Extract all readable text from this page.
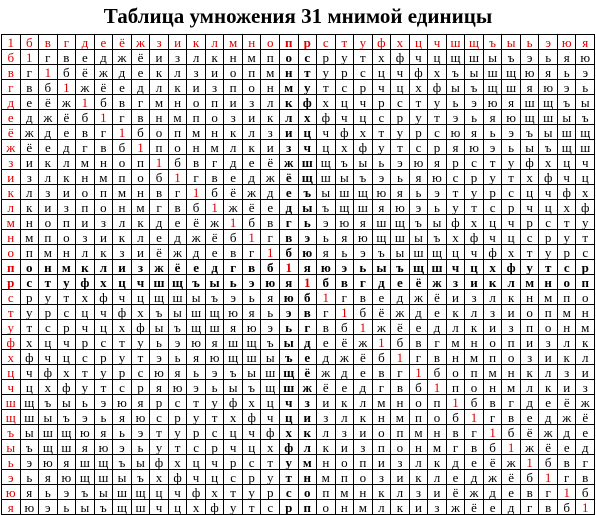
Таблица умножения 31 мнимой единицы
1	б	в	г	д	е	ё	ж	з	и	к	л	м	н	о	п	р	с	т	у	ф	х	ц	ч	ш	щ	ъ	ы	ь	э	ю	я
б	1	г	в	е	д	ж	ё	и	з	л	к	н	м	п	о	с	р	у	т	х	ф	ч	ц	щ	ш	ы	ъ	э	ь	я	ю
в	г	1	б	ё	ж	д	е	к	л	з	и	о	п	м	н	т	у	р	с	ц	ч	ф	х	ъ	ы	ш	щ	ю	я	ь	э
г	в	б	1	ж	ё	е	д	л	к	и	з	п	о	н	м	у	т	с	р	ч	ц	х	ф	ы	ъ	щ	ш	я	ю	э	ь
д	е	ё	ж	1	б	в	г	м	н	о	п	и	з	л	к	ф	х	ц	ч	р	с	т	у	ь	э	ю	я	ш	щ	ъ	ы
е	д	ж	ё	б	1	г	в	н	м	п	о	з	и	к	л	х	ф	ч	ц	с	р	у	т	э	ь	я	ю	щ	ш	ы	ъ
ё	ж	д	е	в	г	1	б	о	п	м	н	к	л	з	и	ц	ч	ф	х	т	у	р	с	ю	я	ь	э	ъ	ы	ш	щ
ж	ё	е	д	г	в	б	1	п	о	н	м	л	к	и	з	ч	ц	х	ф	у	т	с	р	я	ю	э	ь	ы	ъ	щ	ш
з	и	к	л	м	н	о	п	1	б	в	г	д	е	ё	ж	ш	щ	ъ	ы	ь	э	ю	я	р	с	т	у	ф	х	ц	ч
и	з	л	к	н	м	п	о	б	1	г	в	е	д	ж	ё	щ	ш	ы	ъ	э	ь	я	ю	с	р	у	т	х	ф	ч	ц
к	л	з	и	о	п	м	н	в	г	1	б	ё	ж	д	е	ъ	ы	ш	щ	ю	я	ь	э	т	у	р	с	ц	ч	ф	х
л	к	и	з	п	о	н	м	г	в	б	1	ж	ё	е	д	ы	ъ	щ	ш	я	ю	э	ь	у	т	с	р	ч	ц	х	ф
м	н	о	п	и	з	л	к	д	е	ё	ж	1	б	в	г	ь	э	ю	я	ш	щ	ъ	ы	ф	х	ц	ч	р	с	т	у
н	м	п	о	з	и	к	л	е	д	ж	ё	б	1	г	в	э	ь	я	ю	щ	ш	ы	ъ	х	ф	ч	ц	с	р	у	т
о	п	м	н	л	к	з	и	ё	ж	д	е	в	г	1	б	ю	я	ь	э	ъ	ы	ш	щ	ц	ч	ф	х	т	у	р	с
п	о	н	м	к	л	и	з	ж	ё	е	д	г	в	б	1	я	ю	э	ь	ы	ъ	щ	ш	ч	ц	х	ф	у	т	с	р
р	с	т	у	ф	х	ц	ч	ш	щ	ъ	ы	ь	э	ю	я	1	б	в	г	д	е	ё	ж	з	и	к	л	м	н	о	п
с	р	у	т	х	ф	ч	ц	щ	ш	ы	ъ	э	ь	я	ю	б	1	г	в	е	д	ж	ё	и	з	л	к	н	м	п	о
т	у	р	с	ц	ч	ф	х	ъ	ы	ш	щ	ю	я	ь	э	в	г	1	б	ё	ж	д	е	к	л	з	и	о	п	м	н
у	т	с	р	ч	ц	х	ф	ы	ъ	щ	ш	я	ю	э	ь	г	в	б	1	ж	ё	е	д	л	к	и	з	п	о	н	м
ф	х	ц	ч	р	с	т	у	ь	э	ю	я	ш	щ	ъ	ы	д	е	ё	ж	1	б	в	г	м	н	о	п	и	з	л	к
х	ф	ч	ц	с	р	у	т	э	ь	я	ю	щ	ш	ы	ъ	е	д	ж	ё	б	1	г	в	н	м	п	о	з	и	к	л
ц	ч	ф	х	т	у	р	с	ю	я	ь	э	ъ	ы	ш	щ	ё	ж	д	е	в	г	1	б	о	п	м	н	к	л	з	и
ч	ц	х	ф	у	т	с	р	я	ю	э	ь	ы	ъ	щ	ш	ж	ё	е	д	г	в	б	1	п	о	н	м	л	к	и	з
ш	щ	ъ	ы	ь	э	ю	я	р	с	т	у	ф	х	ц	ч	з	и	к	л	м	н	о	п	1	б	в	г	д	е	ё	ж
щ	ш	ы	ъ	э	ь	я	ю	с	р	у	т	х	ф	ч	ц	и	з	л	к	н	м	п	о	б	1	г	в	е	д	ж	ё
ъ	ы	ш	щ	ю	я	ь	э	т	у	р	с	ц	ч	ф	х	к	л	з	и	о	п	м	н	в	г	1	б	ё	ж	д	е
ы	ъ	щ	ш	я	ю	э	ь	у	т	с	р	ч	ц	х	ф	л	к	и	з	п	о	н	м	г	в	б	1	ж	ё	е	д
ь	э	ю	я	ш	щ	ъ	ы	ф	х	ц	ч	р	с	т	у	м	н	о	п	и	з	л	к	д	е	ё	ж	1	б	в	г
э	ь	я	ю	щ	ш	ы	ъ	х	ф	ч	ц	с	р	у	т	н	м	п	о	з	и	к	л	е	д	ж	ё	б	1	г	в
ю	я	ь	э	ъ	ы	ш	щ	ц	ч	ф	х	т	у	р	с	о	п	м	н	к	л	з	и	ё	ж	д	е	в	г	1	б
я	ю	э	ь	ы	ъ	щ	ш	ч	ц	х	ф	у	т	с	р	п	о	н	м	л	к	и	з	ж	ё	е	д	г	в	б	1
